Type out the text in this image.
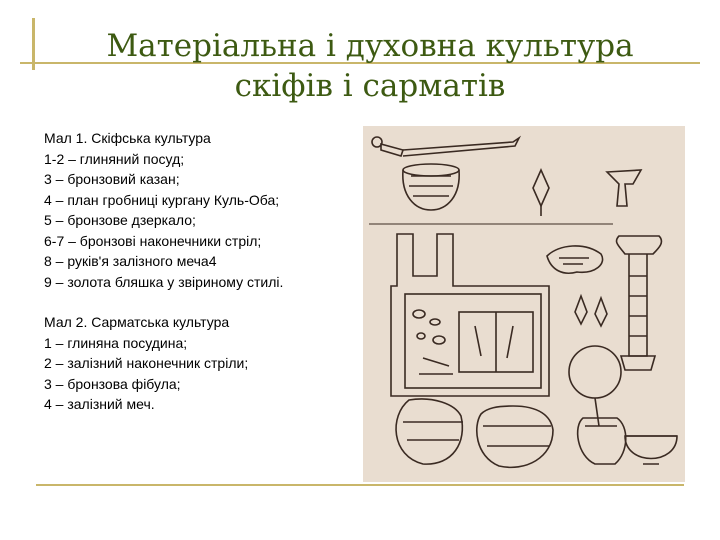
Матеріальна і духовна культура
скіфів і сарматів
Мал 1. Скіфська культура
1-2 – глиняний посуд;
3 – бронзовий казан;
4 – план гробниці кургану Куль-Оба;
5 – бронзове дзеркало;
6-7 – бронзові наконечники стріл;
8 – руків'я залізного меча4
9 – золота бляшка у звіриному стилі.
Мал 2. Сарматська культура
1 – глиняна посудина;
2 – залізний наконечник стріли;
3 – бронзова фібула;
4 – залізний меч.
